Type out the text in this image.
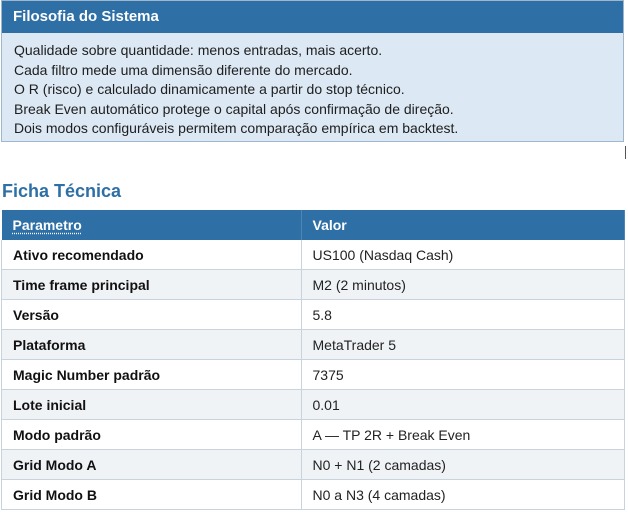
Filosofia do Sistema
Qualidade sobre quantidade: menos entradas, mais acerto.
Cada filtro mede uma dimensão diferente do mercado.
O R (risco) e calculado dinamicamente a partir do stop técnico.
Break Even automático protege o capital após confirmação de direção.
Dois modos configuráveis permitem comparação empírica em backtest.
Ficha Técnica
Parametro	Valor
Ativo recomendado	US100 (Nasdaq Cash)
Time frame principal	M2 (2 minutos)
Versão	5.8
Plataforma	MetaTrader 5
Magic Number padrão	7375
Lote inicial	0.01
Modo padrão	A — TP 2R + Break Even
Grid Modo A	N0 + N1 (2 camadas)
Grid Modo B	N0 a N3 (4 camadas)
